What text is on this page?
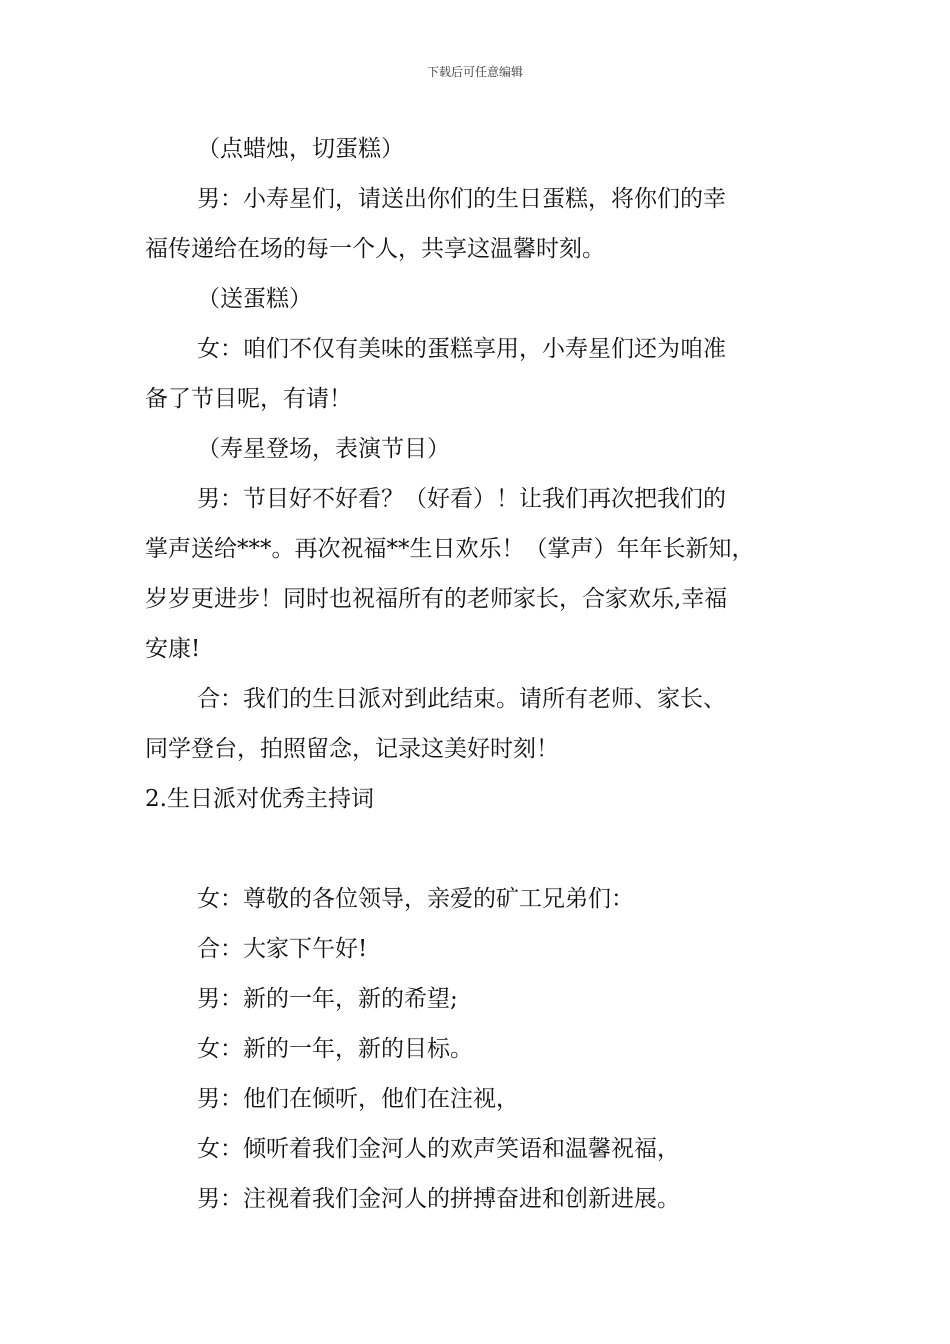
下载后可任意编辑

（点蜡烛，切蛋糕）

男：小寿星们，请送出你们的生日蛋糕，将你们的幸

福传递给在场的每一个人，共享这温馨时刻。

（送蛋糕）

女：咱们不仅有美味的蛋糕享用，小寿星们还为咱准

备了节目呢，有请！

（寿星登场，表演节目）

男：节目好不好看？（好看）！让我们再次把我们的

掌声送给***。再次祝福**生日欢乐！（掌声）年年长新知，

岁岁更进步！同时也祝福所有的老师家长，合家欢乐,幸福

安康!

合：我们的生日派对到此结束。请所有老师、家长、

同学登台，拍照留念，记录这美好时刻！

2.生日派对优秀主持词

女：尊敬的各位领导，亲爱的矿工兄弟们：

合：大家下午好!

男：新的一年，新的希望;

女：新的一年，新的目标。

男：他们在倾听，他们在注视，

女：倾听着我们金河人的欢声笑语和温馨祝福，

男：注视着我们金河人的拼搏奋进和创新进展。
